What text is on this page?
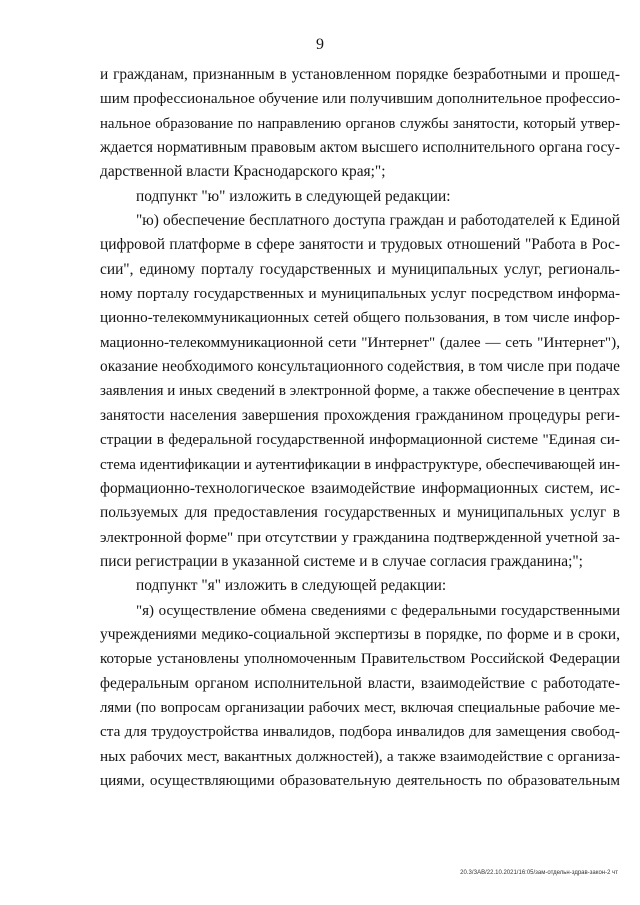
9
и гражданам, признанным в установленном порядке безработными и прошед-
шим профессиональное обучение или получившим дополнительное профессио-
нальное образование по направлению органов службы занятости, который утвер-
ждается нормативным правовым актом высшего исполнительного органа госу-
дарственной власти Краснодарского края;";
подпункт "ю" изложить в следующей редакции:
"ю) обеспечение бесплатного доступа граждан и работодателей к Единой
цифровой платформе в сфере занятости и трудовых отношений "Работа в Рос-
сии", единому порталу государственных и муниципальных услуг, региональ-
ному порталу государственных и муниципальных услуг посредством информа-
ционно-телекоммуникационных сетей общего пользования, в том числе инфор-
мационно-телекоммуникационной сети "Интернет" (далее — сеть "Интернет"),
оказание необходимого консультационного содействия, в том числе при подаче
заявления и иных сведений в электронной форме, а также обеспечение в центрах
занятости населения завершения прохождения гражданином процедуры реги-
страции в федеральной государственной информационной системе "Единая си-
стема идентификации и аутентификации в инфраструктуре, обеспечивающей ин-
формационно-технологическое взаимодействие информационных систем, ис-
пользуемых для предоставления государственных и муниципальных услуг в
электронной форме" при отсутствии у гражданина подтвержденной учетной за-
писи регистрации в указанной системе и в случае согласия гражданина;";
подпункт "я" изложить в следующей редакции:
"я) осуществление обмена сведениями с федеральными государственными
учреждениями медико-социальной экспертизы в порядке, по форме и в сроки,
которые установлены уполномоченным Правительством Российской Федерации
федеральным органом исполнительной власти, взаимодействие с работодате-
лями (по вопросам организации рабочих мест, включая специальные рабочие ме-
ста для трудоустройства инвалидов, подбора инвалидов для замещения свобод-
ных рабочих мест, вакантных должностей), а также взаимодействие с организа-
циями, осуществляющими образовательную деятельность по образовательным
20.3/ЗАВ/22.10.2021/16:05/зам-отдельн-здрав-закон-2 чт
